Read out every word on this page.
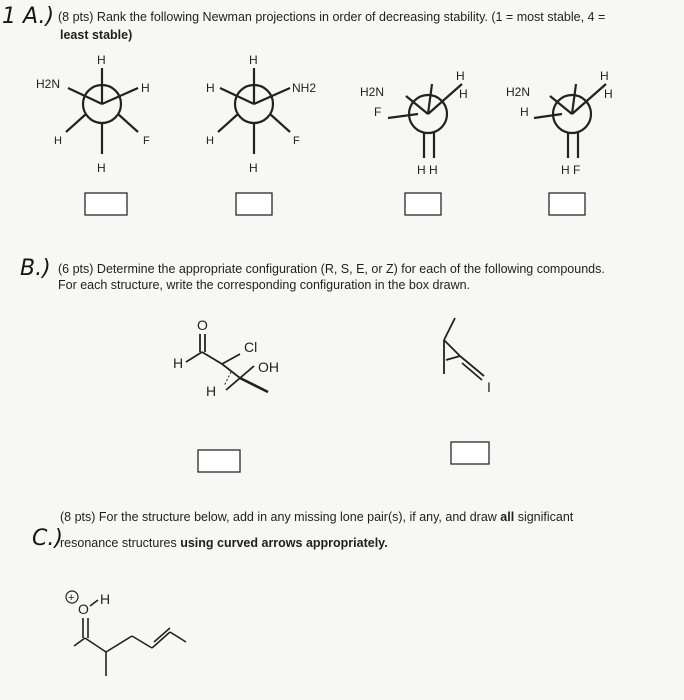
1 A.) (8 pts) Rank the following Newman projections in order of decreasing stability. (1 = most stable, 4 =
least stable)
H
H2N	H
H	F
H
H
H	NH2
H	F
H
H
H
H2N
F
H H
H
H
H2N
H
H F
B.) (6 pts) Determine the appropriate configuration (R, S, E, or Z) for each of the following compounds.
For each structure, write the corresponding configuration in the box drawn.
O
H
Cl
OH
H	I
C.)
(8 pts) For the structure below, add in any missing lone pair(s), if any, and draw all significant
resonance structures using curved arrows appropriately.
+
O
H
